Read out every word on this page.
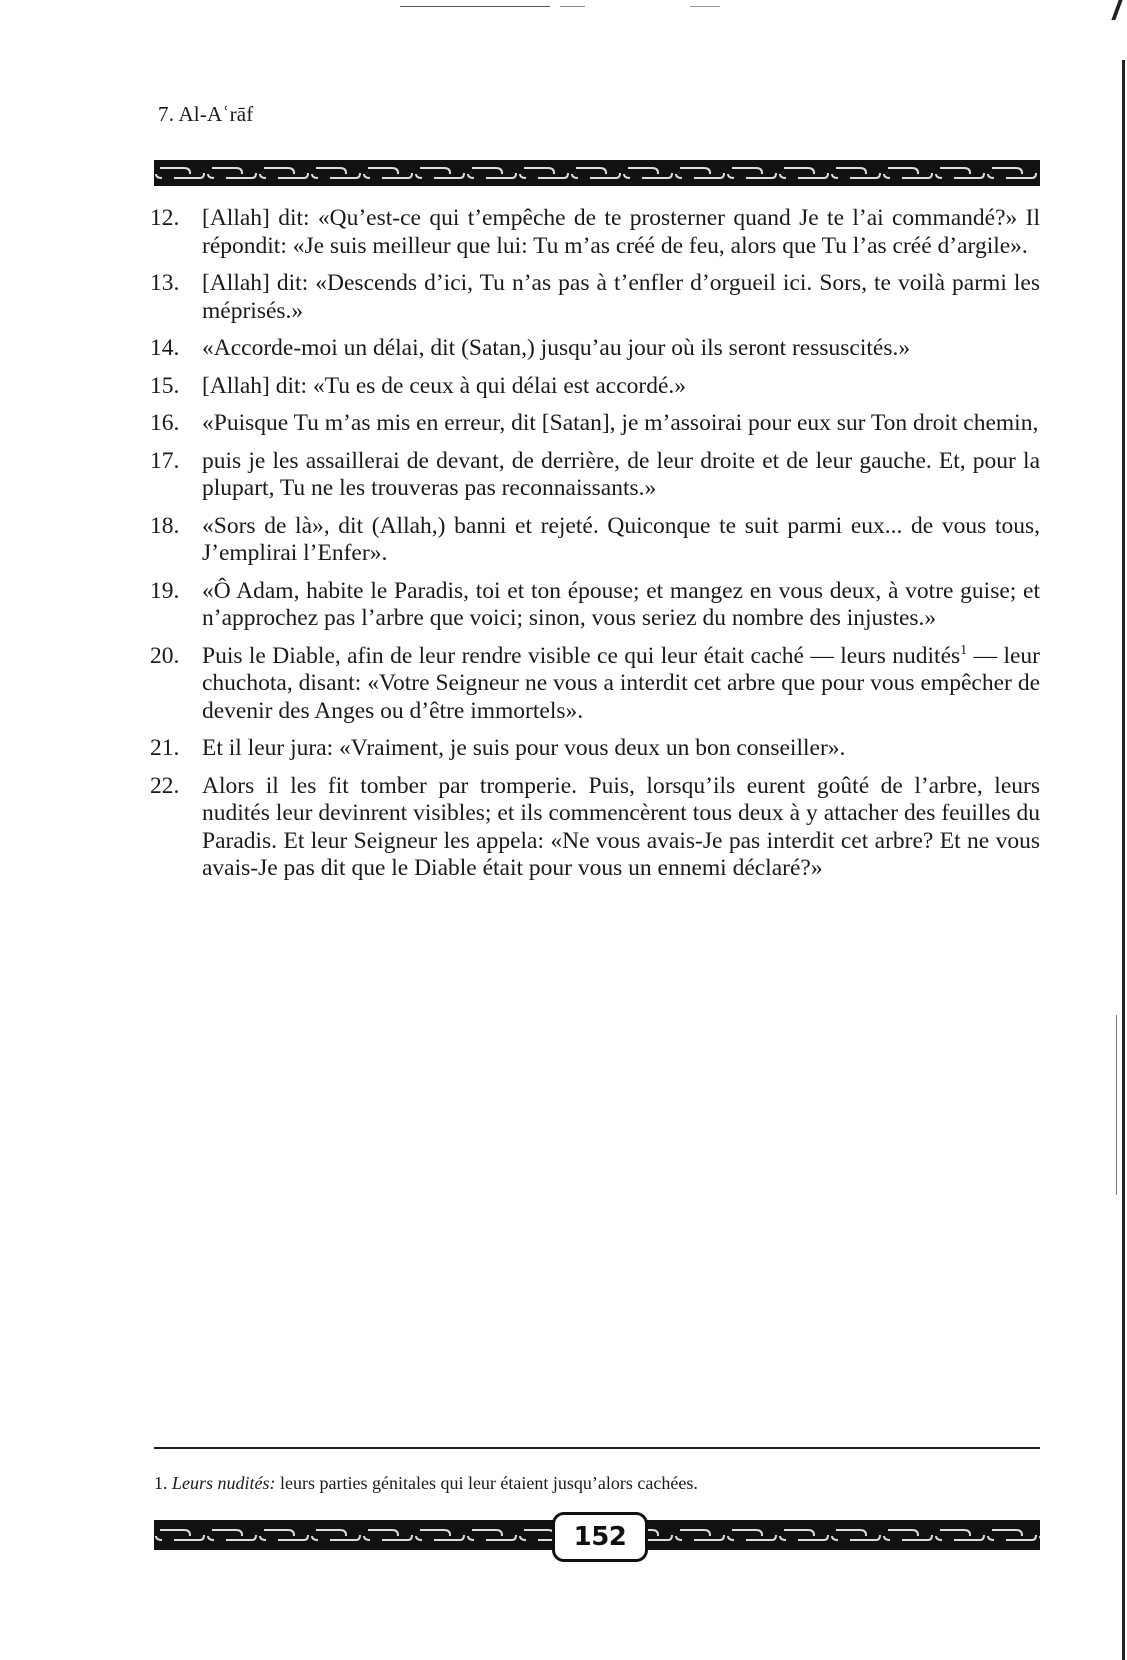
7. Al-Aʿrāf
12. [Allah] dit: «Qu’est-ce qui t’empêche de te prosterner quand Je te l’ai commandé?» Il répondit: «Je suis meilleur que lui: Tu m’as créé de feu, alors que Tu l’as créé d’argile».
13. [Allah] dit: «Descends d’ici, Tu n’as pas à t’enfler d’orgueil ici. Sors, te voilà parmi les méprisés.»
14. «Accorde-moi un délai, dit (Satan,) jusqu’au jour où ils seront ressuscités.»
15. [Allah] dit: «Tu es de ceux à qui délai est accordé.»
16. «Puisque Tu m’as mis en erreur, dit [Satan], je m’assoirai pour eux sur Ton droit chemin,
17. puis je les assaillerai de devant, de derrière, de leur droite et de leur gauche. Et, pour la plupart, Tu ne les trouveras pas reconnaissants.»
18. «Sors de là», dit (Allah,) banni et rejeté. Quiconque te suit parmi eux... de vous tous, J’emplirai l’Enfer».
19. «Ô Adam, habite le Paradis, toi et ton épouse; et mangez en vous deux, à votre guise; et n’approchez pas l’arbre que voici; sinon, vous seriez du nombre des injustes.»
20. Puis le Diable, afin de leur rendre visible ce qui leur était caché — leurs nudités$^1$ — leur chuchota, disant: «Votre Seigneur ne vous a interdit cet arbre que pour vous empêcher de devenir des Anges ou d’être immortels».
21. Et il leur jura: «Vraiment, je suis pour vous deux un bon conseiller».
22. Alors il les fit tomber par tromperie. Puis, lorsqu’ils eurent goûté de l’arbre, leurs nudités leur devinrent visibles; et ils commencèrent tous deux à y attacher des feuilles du Paradis. Et leur Seigneur les appela: «Ne vous avais-Je pas interdit cet arbre? Et ne vous avais-Je pas dit que le Diable était pour vous un ennemi déclaré?»
1. Leurs nudités: leurs parties génitales qui leur étaient jusqu’alors cachées.
152
